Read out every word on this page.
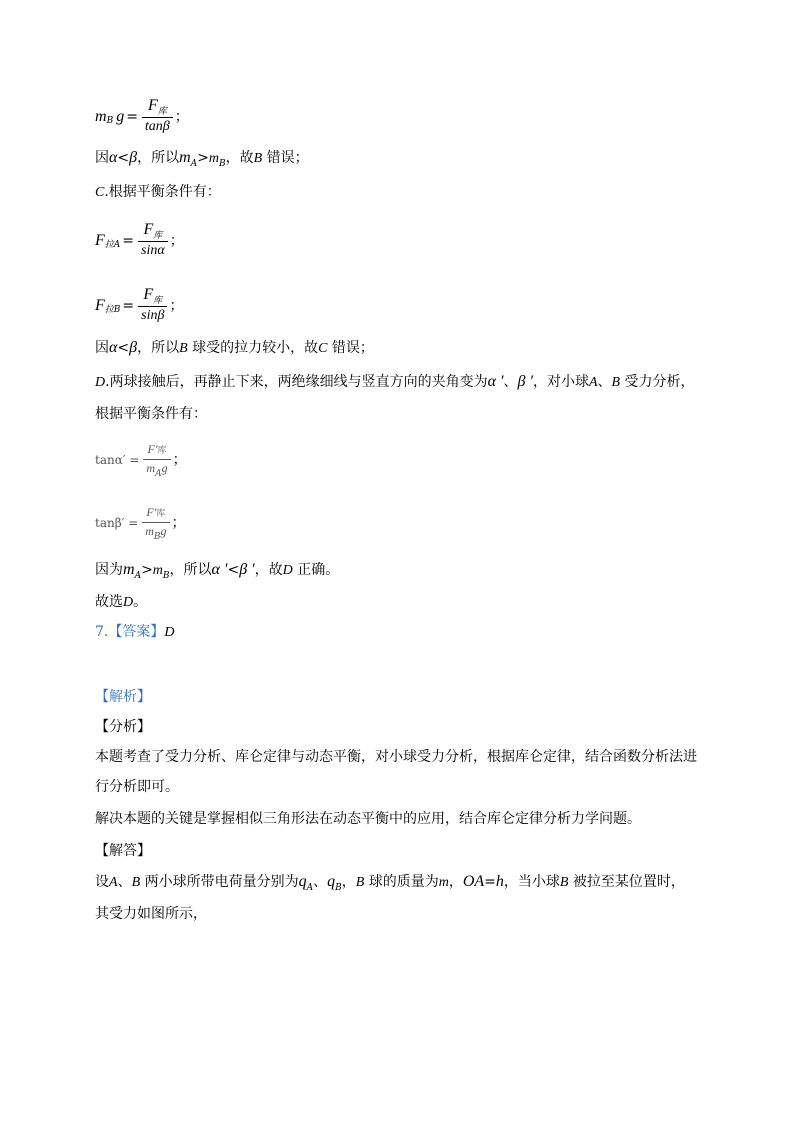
m B $g = \frac{F_库}{\tan\beta}$ ；
因α<β，所以$m_A>m_B$，故B 错误；
C.根据平衡条件有：
F 拉$A = \frac{F_库}{\sin\alpha}$ ；
F 拉$B = \frac{F_库}{\sin\beta}$ ；
因α<β，所以B 球受的拉力较小，故C 错误；
D.两球接触后，再静止下来，两绝缘细线与竖直方向的夹角变为α ′、β ′，对小球A、B 受力分析，
根据平衡条件有：
$\tan\alpha' = \frac{\text{F′库}}{m_Ag}$ ；
$\tan\beta' = \frac{\text{F′库}}{m_Bg}$ ；
因为$m_A>m_B$，所以α ′<β ′，故D 正确。
故选D。
7.【答案】D
【解析】
【分析】
本题考查了受力分析、库仑定律与动态平衡，对小球受力分析，根据库仑定律，结合函数分析法进
行分析即可。
解决本题的关键是掌握相似三角形法在动态平衡中的应用，结合库仑定律分析力学问题。
【解答】
设A、B 两小球所带电荷量分别为$q_A$、$q_B$，B 球的质量为m，OA=h，当小球B 被拉至某位置时，
其受力如图所示，
